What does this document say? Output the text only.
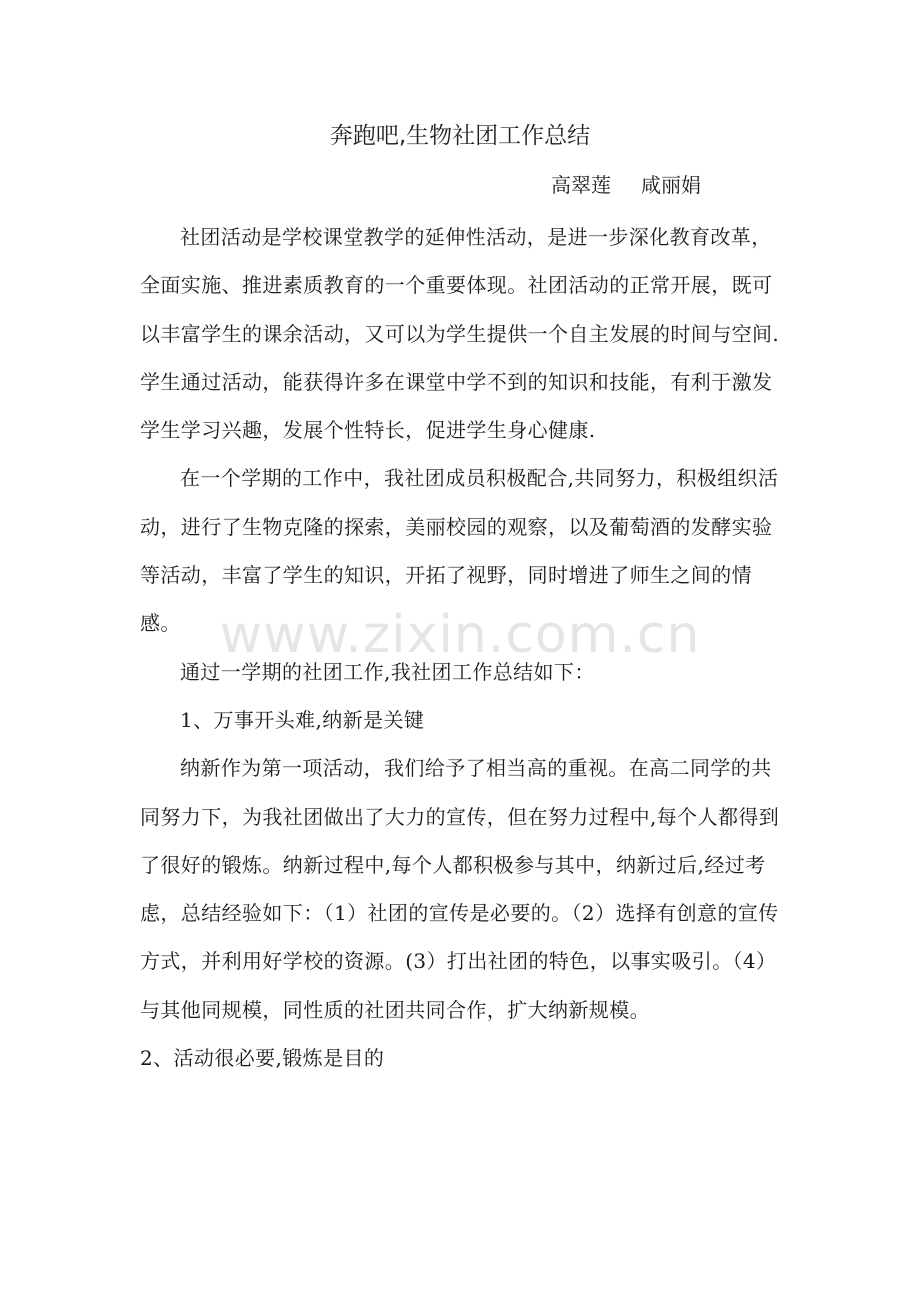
奔跑吧,生物社团工作总结
高翠莲 咸丽娟

社团活动是学校课堂教学的延伸性活动，是进一步深化教育改革，全面实施、推进素质教育的一个重要体现。社团活动的正常开展，既可以丰富学生的课余活动，又可以为学生提供一个自主发展的时间与空间.学生通过活动，能获得许多在课堂中学不到的知识和技能，有利于激发学生学习兴趣，发展个性特长，促进学生身心健康.

在一个学期的工作中，我社团成员积极配合,共同努力，积极组织活动，进行了生物克隆的探索，美丽校园的观察，以及葡萄酒的发酵实验等活动，丰富了学生的知识，开拓了视野，同时增进了师生之间的情感。

通过一学期的社团工作,我社团工作总结如下：

1、万事开头难,纳新是关键

纳新作为第一项活动，我们给予了相当高的重视。在高二同学的共同努力下，为我社团做出了大力的宣传，但在努力过程中,每个人都得到了很好的锻炼。纳新过程中,每个人都积极参与其中，纳新过后,经过考虑，总结经验如下：（1）社团的宣传是必要的。（2）选择有创意的宣传方式，并利用好学校的资源。(3）打出社团的特色，以事实吸引。（4）与其他同规模，同性质的社团共同合作，扩大纳新规模。

2、活动很必要,锻炼是目的

www.zixin.com.cn
